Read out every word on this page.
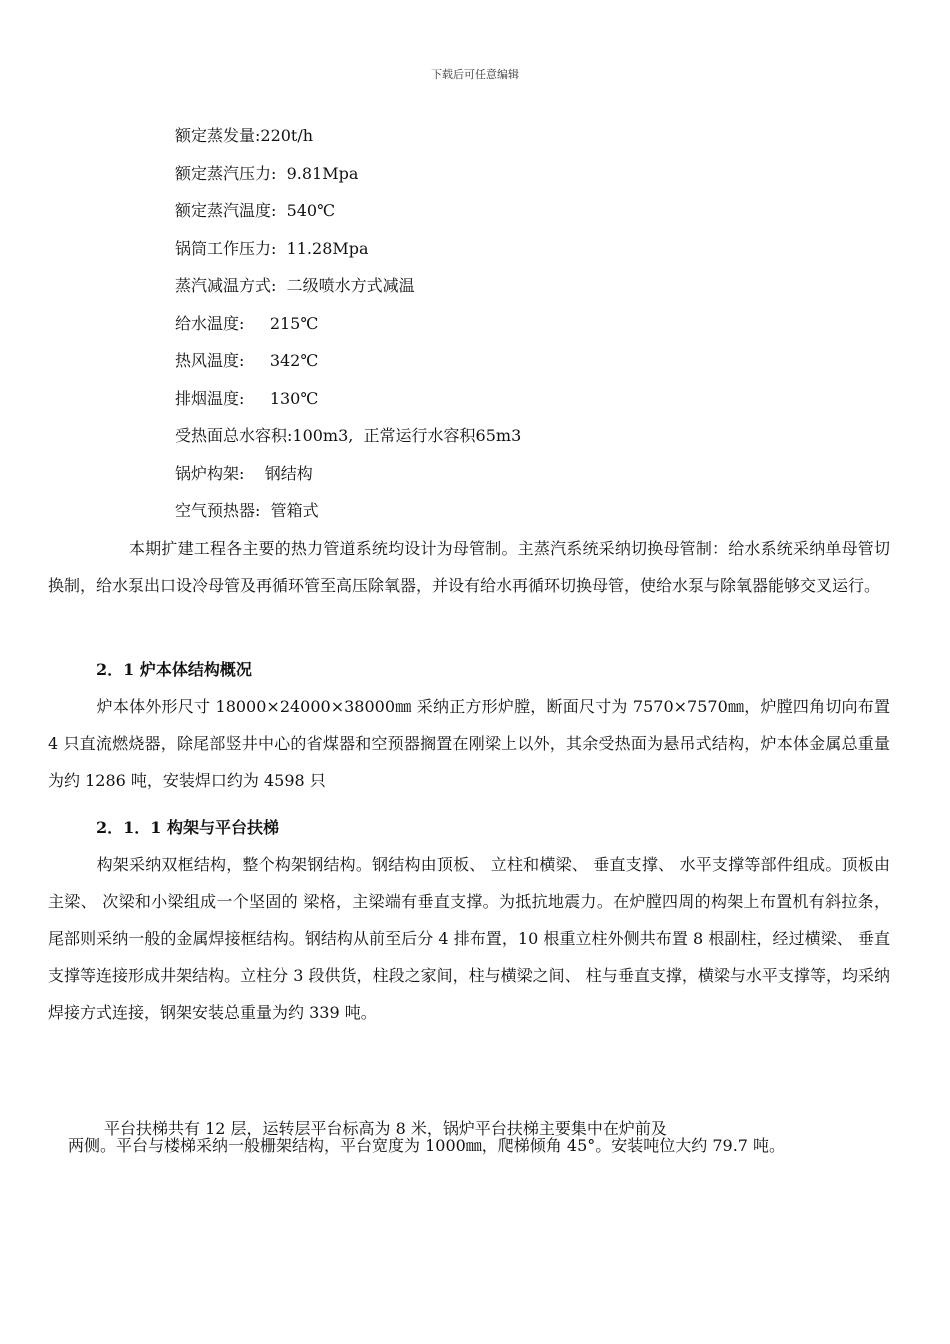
下载后可任意编辑
额定蒸发量:220t/h
额定蒸汽压力:  9.81Mpa
额定蒸汽温度:  540℃
锅筒工作压力:  11.28Mpa
蒸汽减温方式:  二级喷水方式减温
给水温度:     215℃
热风温度:     342℃
排烟温度:     130℃
受热面总水容积:100m3,  正常运行水容积65m3
锅炉构架:    钢结构
空气预热器:  管箱式
　　　　　本期扩建工程各主要的热力管道系统均设计为母管制。主蒸汽系统采纳切换母管制：给水系统采纳单母管切换制，给水泵出口设冷母管及再循环管至高压除氧器，并设有给水再循环切换母管，使给水泵与除氧器能够交叉运行。
2．1 炉本体结构概况
　　　炉本体外形尺寸 18000×24000×38000㎜ 采纳正方形炉膛，断面尺寸为 7570×7570㎜，炉膛四角切向布置 4 只直流燃烧器，除尾部竖井中心的省煤器和空预器搁置在刚梁上以外，其余受热面为悬吊式结构，炉本体金属总重量为约 1286 吨，安装焊口约为 4598 只
2．1．1 构架与平台扶梯
　　　构架采纳双框结构，整个构架钢结构。钢结构由顶板、 立柱和横梁、 垂直支撑、 水平支撑等部件组成。顶板由主梁、 次梁和小梁组成一个坚固的 梁格，主梁端有垂直支撑。为抵抗地震力。在炉膛四周的构架上布置机有斜拉条，尾部则采纳一般的金属焊接框结构。钢结构从前至后分 4 排布置，10 根重立柱外侧共布置 8 根副柱，经过横梁、 垂直支撑等连接形成井架结构。立柱分 3 段供货，柱段之家间，柱与横梁之间、 柱与垂直支撑，横梁与水平支撑等，均采纳焊接方式连接，钢架安装总重量为约 339 吨。
平台扶梯共有 12 层，运转层平台标高为 8 米，锅炉平台扶梯主要集中在炉前及
两侧。平台与楼梯采纳一般栅架结构，平台宽度为 1000㎜，爬梯倾角 45°。安装吨位大约 79.7 吨。
